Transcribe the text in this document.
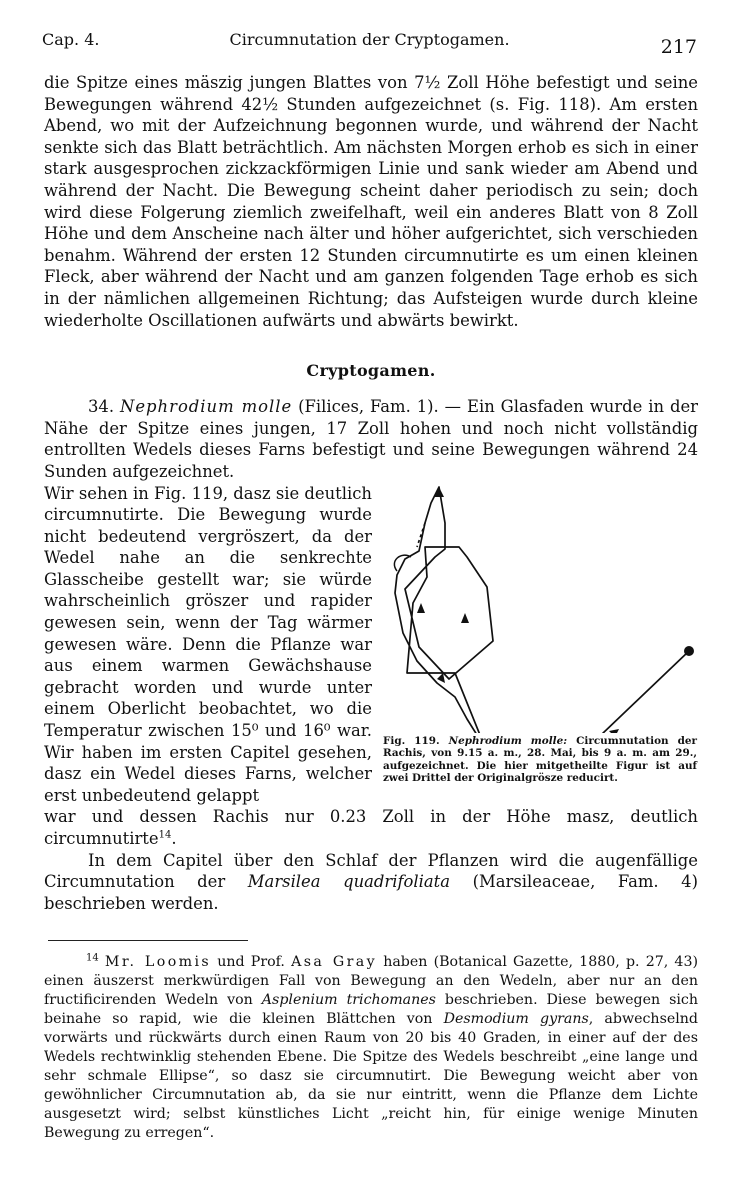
Cap. 4.	Circumnutation der Cryptogamen.	217

die Spitze eines mäszig jungen Blattes von 7½ Zoll Höhe befestigt und seine Bewegungen während 42½ Stunden aufgezeichnet (s. Fig. 118). Am ersten Abend, wo mit der Aufzeichnung begonnen wurde, und während der Nacht senkte sich das Blatt beträchtlich. Am nächsten Morgen erhob es sich in einer stark ausgesprochen zickzackförmigen Linie und sank wieder am Abend und während der Nacht. Die Bewegung scheint daher periodisch zu sein; doch wird diese Folgerung ziemlich zweifelhaft, weil ein anderes Blatt von 8 Zoll Höhe und dem Anscheine nach älter und höher aufgerichtet, sich verschieden benahm. Während der ersten 12 Stunden circumnutirte es um einen kleinen Fleck, aber während der Nacht und am ganzen folgenden Tage erhob es sich in der nämlichen allgemeinen Richtung; das Aufsteigen wurde durch kleine wiederholte Oscillationen aufwärts und abwärts bewirkt.

Cryptogamen.

34. Nephrodium molle (Filices, Fam. 1). — Ein Glasfaden wurde in der Nähe der Spitze eines jungen, 17 Zoll hohen und noch nicht vollständig entrollten Wedels dieses Farns befestigt und seine Bewegungen während 24 Sunden aufgezeichnet.

Wir sehen in Fig. 119, dasz sie deutlich circumnutirte. Die Bewegung wurde nicht bedeutend vergröszert, da der Wedel nahe an die senkrechte Glasscheibe gestellt war; sie würde wahrscheinlich gröszer und rapider gewesen sein, wenn der Tag wärmer gewesen wäre. Denn die Pflanze war aus einem warmen Gewächshause gebracht worden und wurde unter einem Oberlicht beobachtet, wo die Temperatur zwischen 15⁰ und 16⁰ war. Wir haben im ersten Capitel gesehen, dasz ein Wedel dieses Farns, welcher erst unbedeutend gelappt

Fig. 119. Nephrodium molle: Circumnutation der Rachis, von 9.15 a. m., 28. Mai, bis 9 a. m. am 29., aufgezeichnet. Die hier mitgetheilte Figur ist auf zwei Drittel der Originalgrösze reducirt.

war und dessen Rachis nur 0.23 Zoll in der Höhe masz, deutlich circumnutirte$^{14}$.

In dem Capitel über den Schlaf der Pflanzen wird die augenfällige Circumnutation der Marsilea quadrifoliata (Marsileaceae, Fam. 4) beschrieben werden.

$^{14}$ Mr. Loomis und Prof. Asa Gray haben (Botanical Gazette, 1880, p. 27, 43) einen äuszerst merkwürdigen Fall von Bewegung an den Wedeln, aber nur an den fructificirenden Wedeln von Asplenium trichomanes beschrieben. Diese bewegen sich beinahe so rapid, wie die kleinen Blättchen von Desmodium gyrans, abwechselnd vorwärts und rückwärts durch einen Raum von 20 bis 40 Graden, in einer auf der des Wedels rechtwinklig stehenden Ebene. Die Spitze des Wedels beschreibt „eine lange und sehr schmale Ellipse“, so dasz sie circumnutirt. Die Bewegung weicht aber von gewöhnlicher Circumnutation ab, da sie nur eintritt, wenn die Pflanze dem Lichte ausgesetzt wird; selbst künstliches Licht „reicht hin, für einige wenige Minuten Bewegung zu erregen“.
